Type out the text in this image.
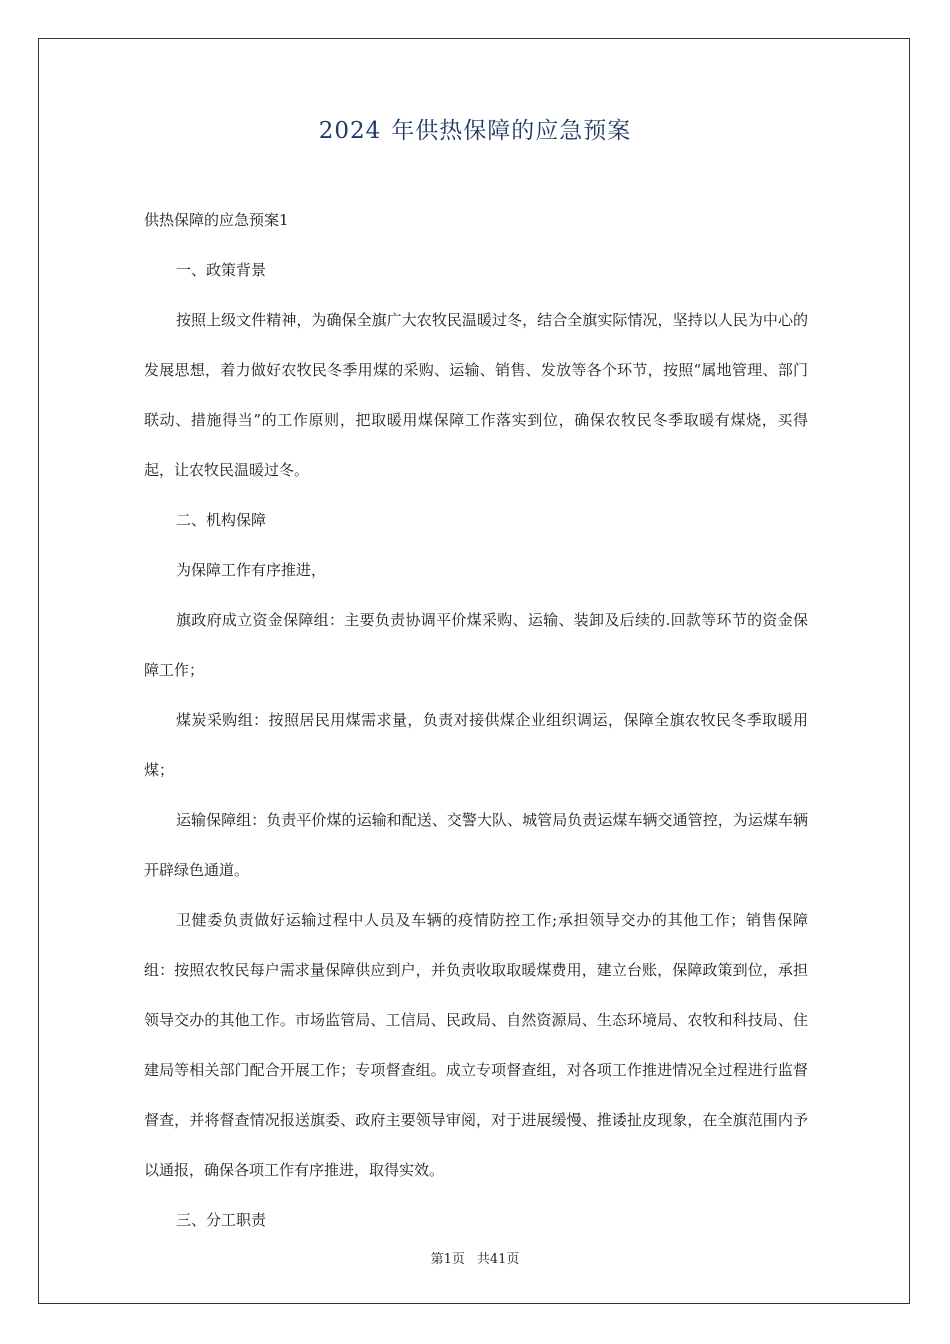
2024 年供热保障的应急预案

供热保障的应急预案1

一、政策背景

按照上级文件精神，为确保全旗广大农牧民温暖过冬，结合全旗实际情况，坚持以人民为中心的发展思想，着力做好农牧民冬季用煤的采购、运输、销售、发放等各个环节，按照“属地管理、部门联动、措施得当”的工作原则，把取暖用煤保障工作落实到位，确保农牧民冬季取暖有煤烧，买得起，让农牧民温暖过冬。

二、机构保障

为保障工作有序推进，

旗政府成立资金保障组：主要负责协调平价煤采购、运输、装卸及后续的.回款等环节的资金保障工作；

煤炭采购组：按照居民用煤需求量，负责对接供煤企业组织调运，保障全旗农牧民冬季取暖用煤；

运输保障组：负责平价煤的运输和配送、交警大队、城管局负责运煤车辆交通管控，为运煤车辆开辟绿色通道。

卫健委负责做好运输过程中人员及车辆的疫情防控工作;承担领导交办的其他工作；销售保障组：按照农牧民每户需求量保障供应到户，并负责收取取暖煤费用，建立台账，保障政策到位，承担领导交办的其他工作。市场监管局、工信局、民政局、自然资源局、生态环境局、农牧和科技局、住建局等相关部门配合开展工作；专项督查组。成立专项督查组，对各项工作推进情况全过程进行监督督查，并将督查情况报送旗委、政府主要领导审阅，对于进展缓慢、推诿扯皮现象，在全旗范围内予以通报，确保各项工作有序推进，取得实效。

三、分工职责

第1页 共41页
